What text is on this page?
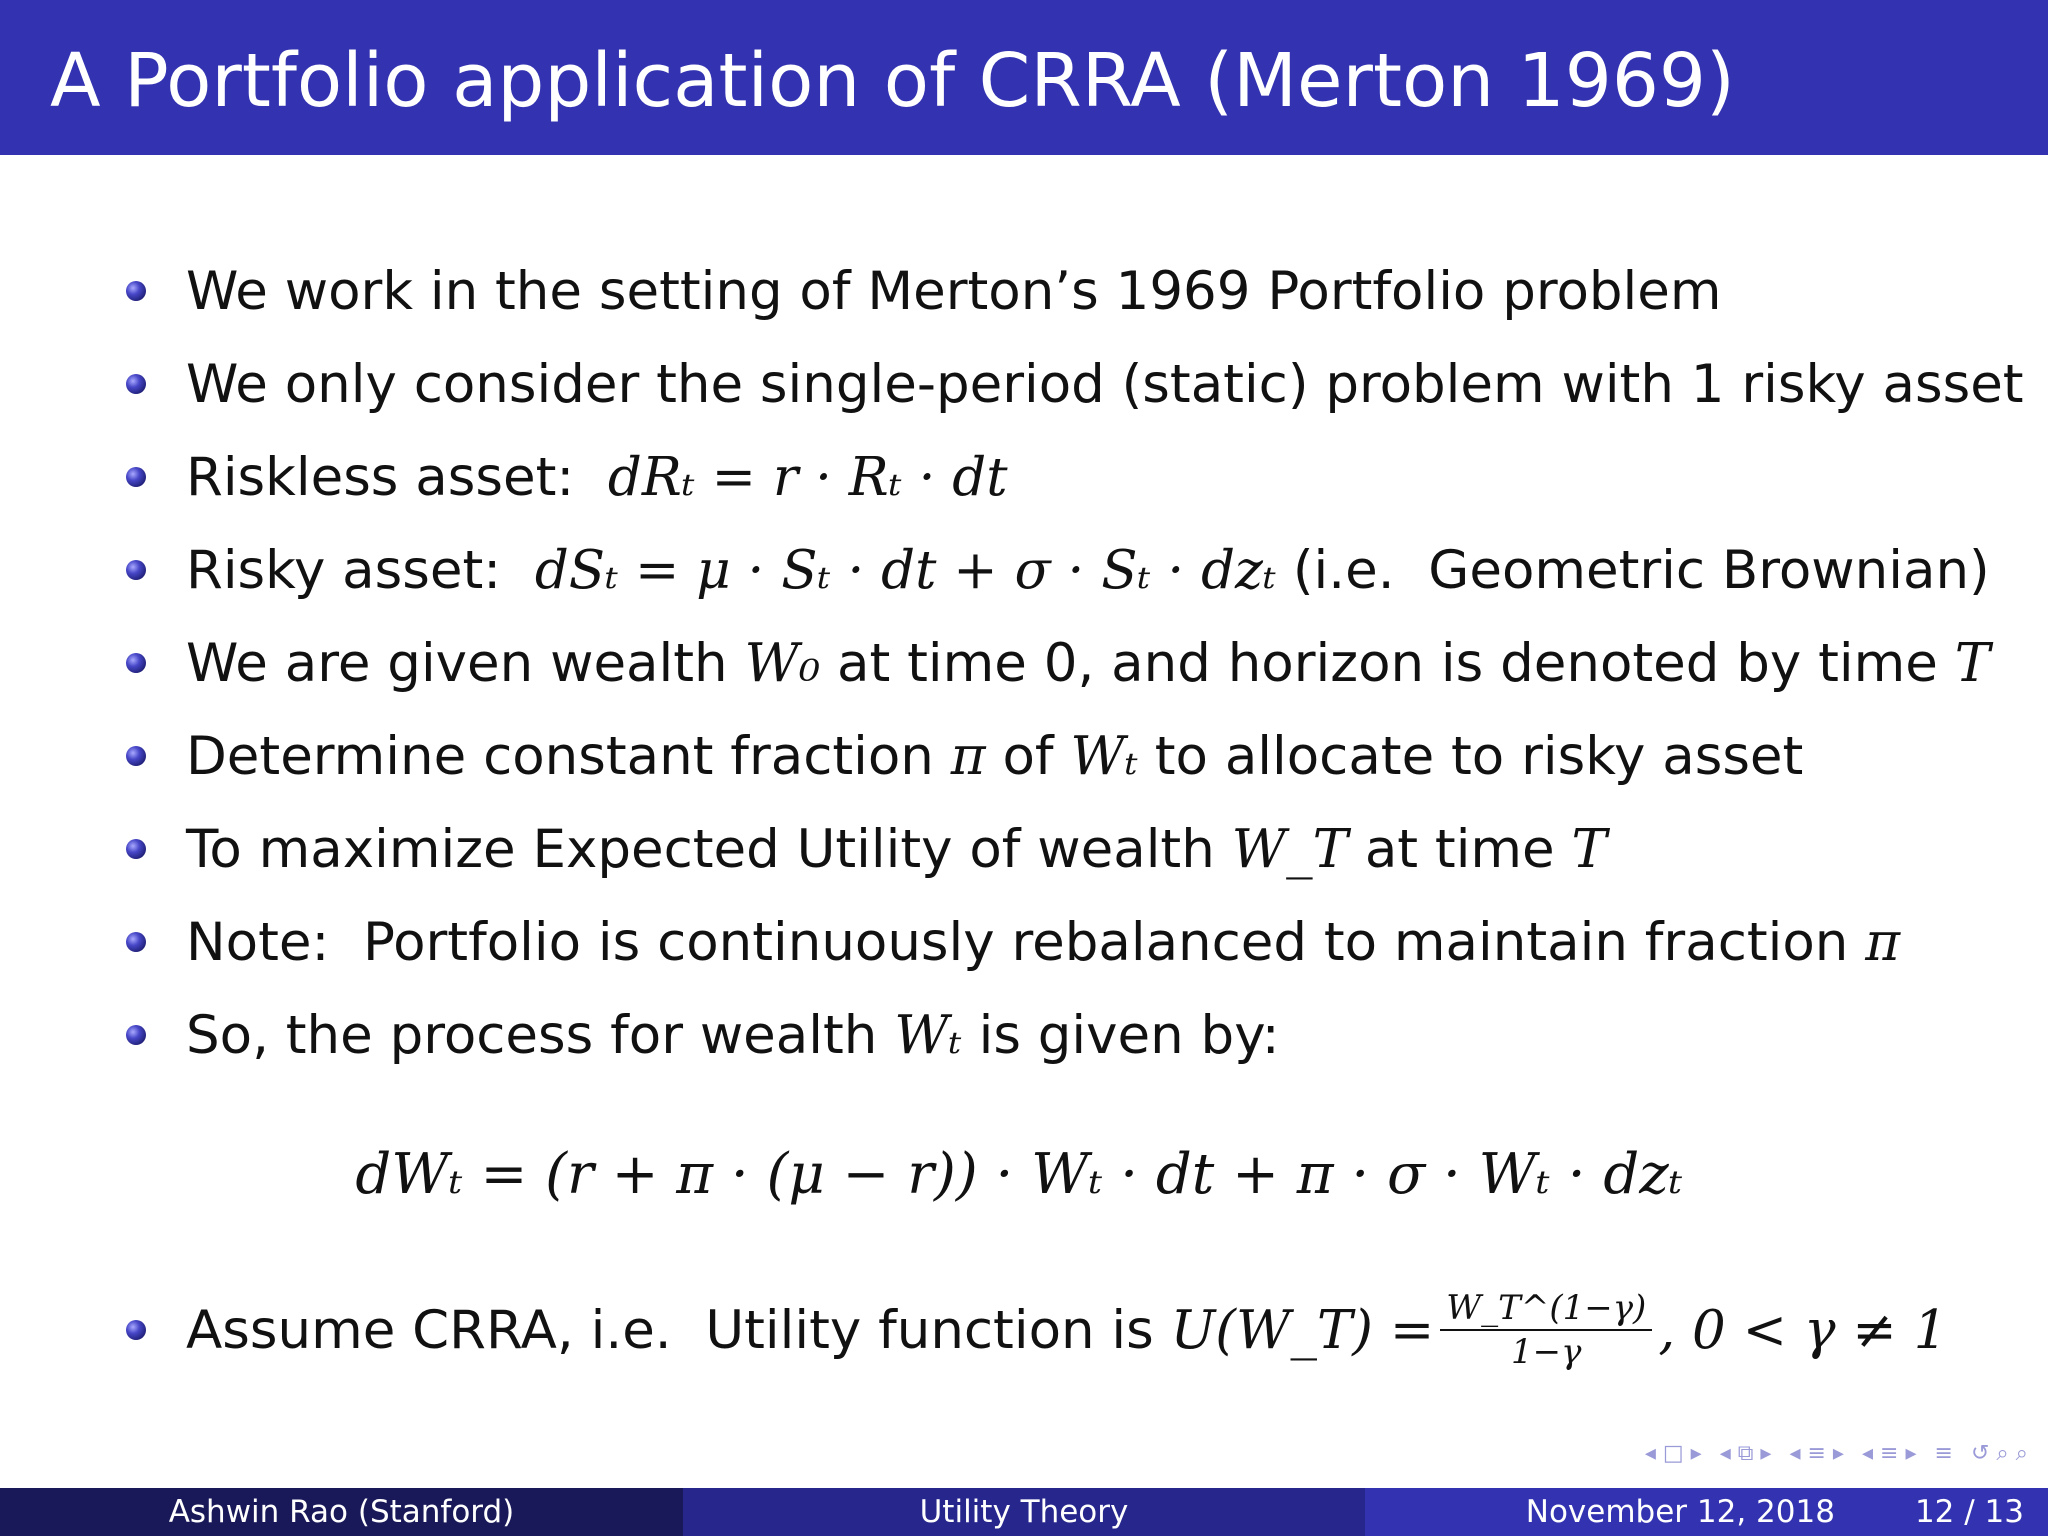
A Portfolio application of CRRA (Merton 1969)
We work in the setting of Merton’s 1969 Portfolio problem
We only consider the single-period (static) problem with 1 risky asset
Riskless asset: dRₜ = r · Rₜ · dt
Risky asset: dSₜ = μ · Sₜ · dt + σ · Sₜ · dzₜ (i.e.  Geometric Brownian)
We are given wealth W₀ at time 0, and horizon is denoted by time T
Determine constant fraction π of Wₜ to allocate to risky asset
To maximize Expected Utility of wealth W_T at time T
Note:  Portfolio is continuously rebalanced to maintain fraction π
So, the process for wealth Wₜ is given by:
dWₜ = (r + π · (μ − r)) · Wₜ · dt + π · σ · Wₜ · dzₜ
Assume CRRA, i.e.  Utility function is U(W_T) = $\frac{W\_T\^{}(1-\gamma)}{1-\gamma}$ , 0 < γ ≠ 1
◂ □ ▸ ◂ ⧉ ▸ ◂ ≡ ▸ ◂ ≡ ▸ ≡ ↺ ⌕ ⌕
Ashwin Rao (Stanford)	Utility Theory	November 12, 2018	12 / 13
